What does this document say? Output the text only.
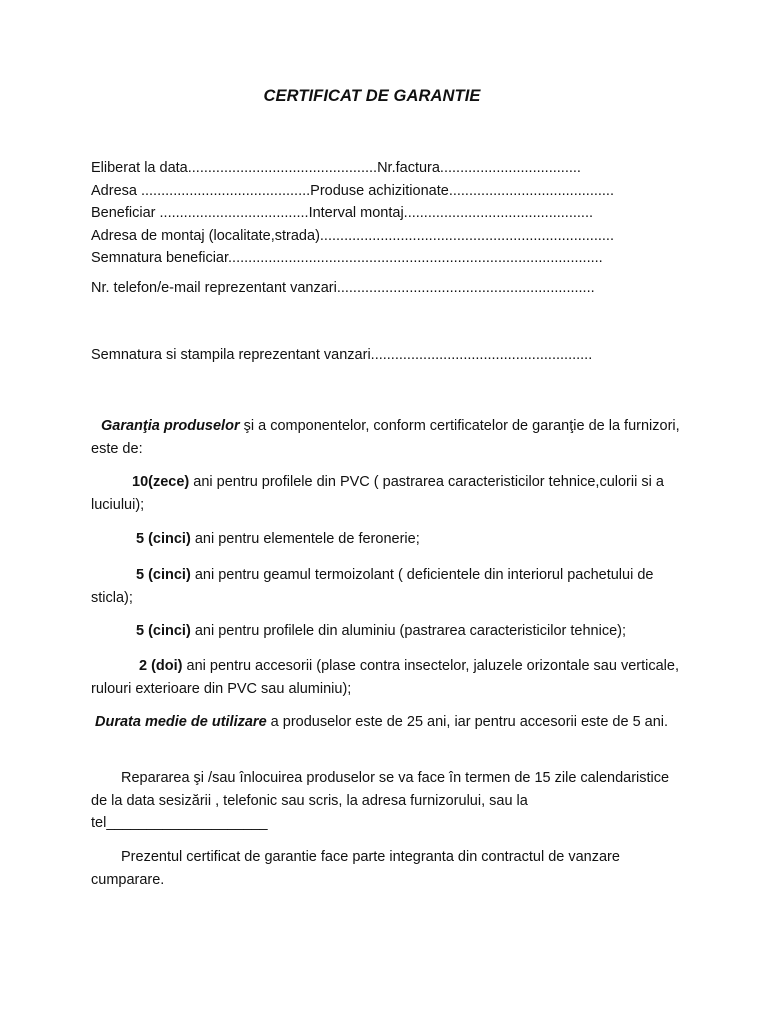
CERTIFICAT DE GARANTIE
Eliberat la data...............................................Nr.factura...................................
Adresa ..........................................Produse achizitionate.........................................
Beneficiar .....................................Interval montaj...............................................
Adresa de montaj (localitate,strada).........................................................................
Semnatura beneficiar.............................................................................................
Nr. telefon/e-mail reprezentant vanzari................................................................
Semnatura si stampila reprezentant vanzari.......................................................
Garanţia produselor şi a componentelor, conform certificatelor de garanţie de la furnizori, este de:
10(zece) ani pentru profilele din PVC ( pastrarea caracteristicilor tehnice,culorii si a luciului);
5 (cinci) ani pentru elementele de feronerie;
5 (cinci) ani pentru geamul termoizolant ( deficientele din interiorul pachetului de sticla);
5 (cinci) ani pentru profilele din aluminiu (pastrarea caracteristicilor tehnice);
2 (doi) ani pentru accesorii (plase contra insectelor, jaluzele orizontale sau verticale, rulouri exterioare din PVC sau aluminiu);
Durata medie de utilizare a produselor este de 25 ani, iar pentru accesorii este de 5 ani.
Repararea şi /sau înlocuirea produselor se va face în termen de 15 zile calendaristice de la data sesizării , telefonic sau scris, la adresa furnizorului, sau la tel____________________
Prezentul certificat de garantie face parte integranta din contractul de vanzare cumparare.
